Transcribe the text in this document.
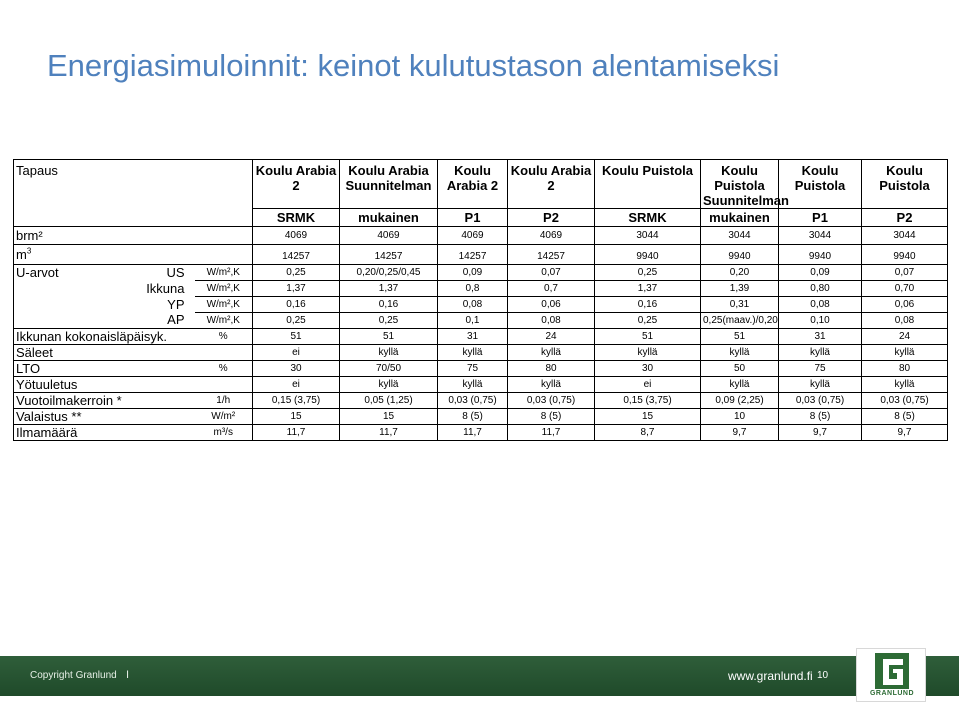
Energiasimuloinnit: keinot kulutustason alentamiseksi
Tapaus			Koulu Arabia 2	Koulu Arabia Suunnitelman	Koulu Arabia 2	Koulu Arabia 2	Koulu Puistola	Koulu Puistola Suunnitelman	Koulu Puistola	Koulu Puistola
			SRMK	mukainen	P1	P2	SRMK	mukainen	P1	P2
brm²			4069	4069	4069	4069	3044	3044	3044	3044
$m^3$			14257	14257	14257	14257	9940	9940	9940	9940
U-arvot	US	W/m²,K	0,25	0,20/0,25/0,45	0,09	0,07	0,25	0,20	0,09	0,07
	Ikkuna	W/m²,K	1,37	1,37	0,8	0,7	1,37	1,39	0,80	0,70
	YP	W/m²,K	0,16	0,16	0,08	0,06	0,16	0,31	0,08	0,06
	AP	W/m²,K	0,25	0,25	0,1	0,08	0,25	0,25(maav.)/0,20	0,10	0,08
Ikkunan kokonaisläpäisyk.		%	51	51	31	24	51	51	31	24
Säleet			ei	kyllä	kyllä	kyllä	kyllä	kyllä	kyllä	kyllä
LTO		%	30	70/50	75	80	30	50	75	80
Yötuuletus			ei	kyllä	kyllä	kyllä	ei	kyllä	kyllä	kyllä
Vuotoilmakerroin *		1/h	0,15 (3,75)	0,05 (1,25)	0,03 (0,75)	0,03 (0,75)	0,15 (3,75)	0,09 (2,25)	0,03 (0,75)	0,03 (0,75)
Valaistus **		W/m²	15	15	8 (5)	8 (5)	15	10	8 (5)	8 (5)
Ilmamäärä		m³/s	11,7	11,7	11,7	11,7	8,7	9,7	9,7	9,7
Copyright Granlund I	www.granlund.fi 10
GRANLUND
